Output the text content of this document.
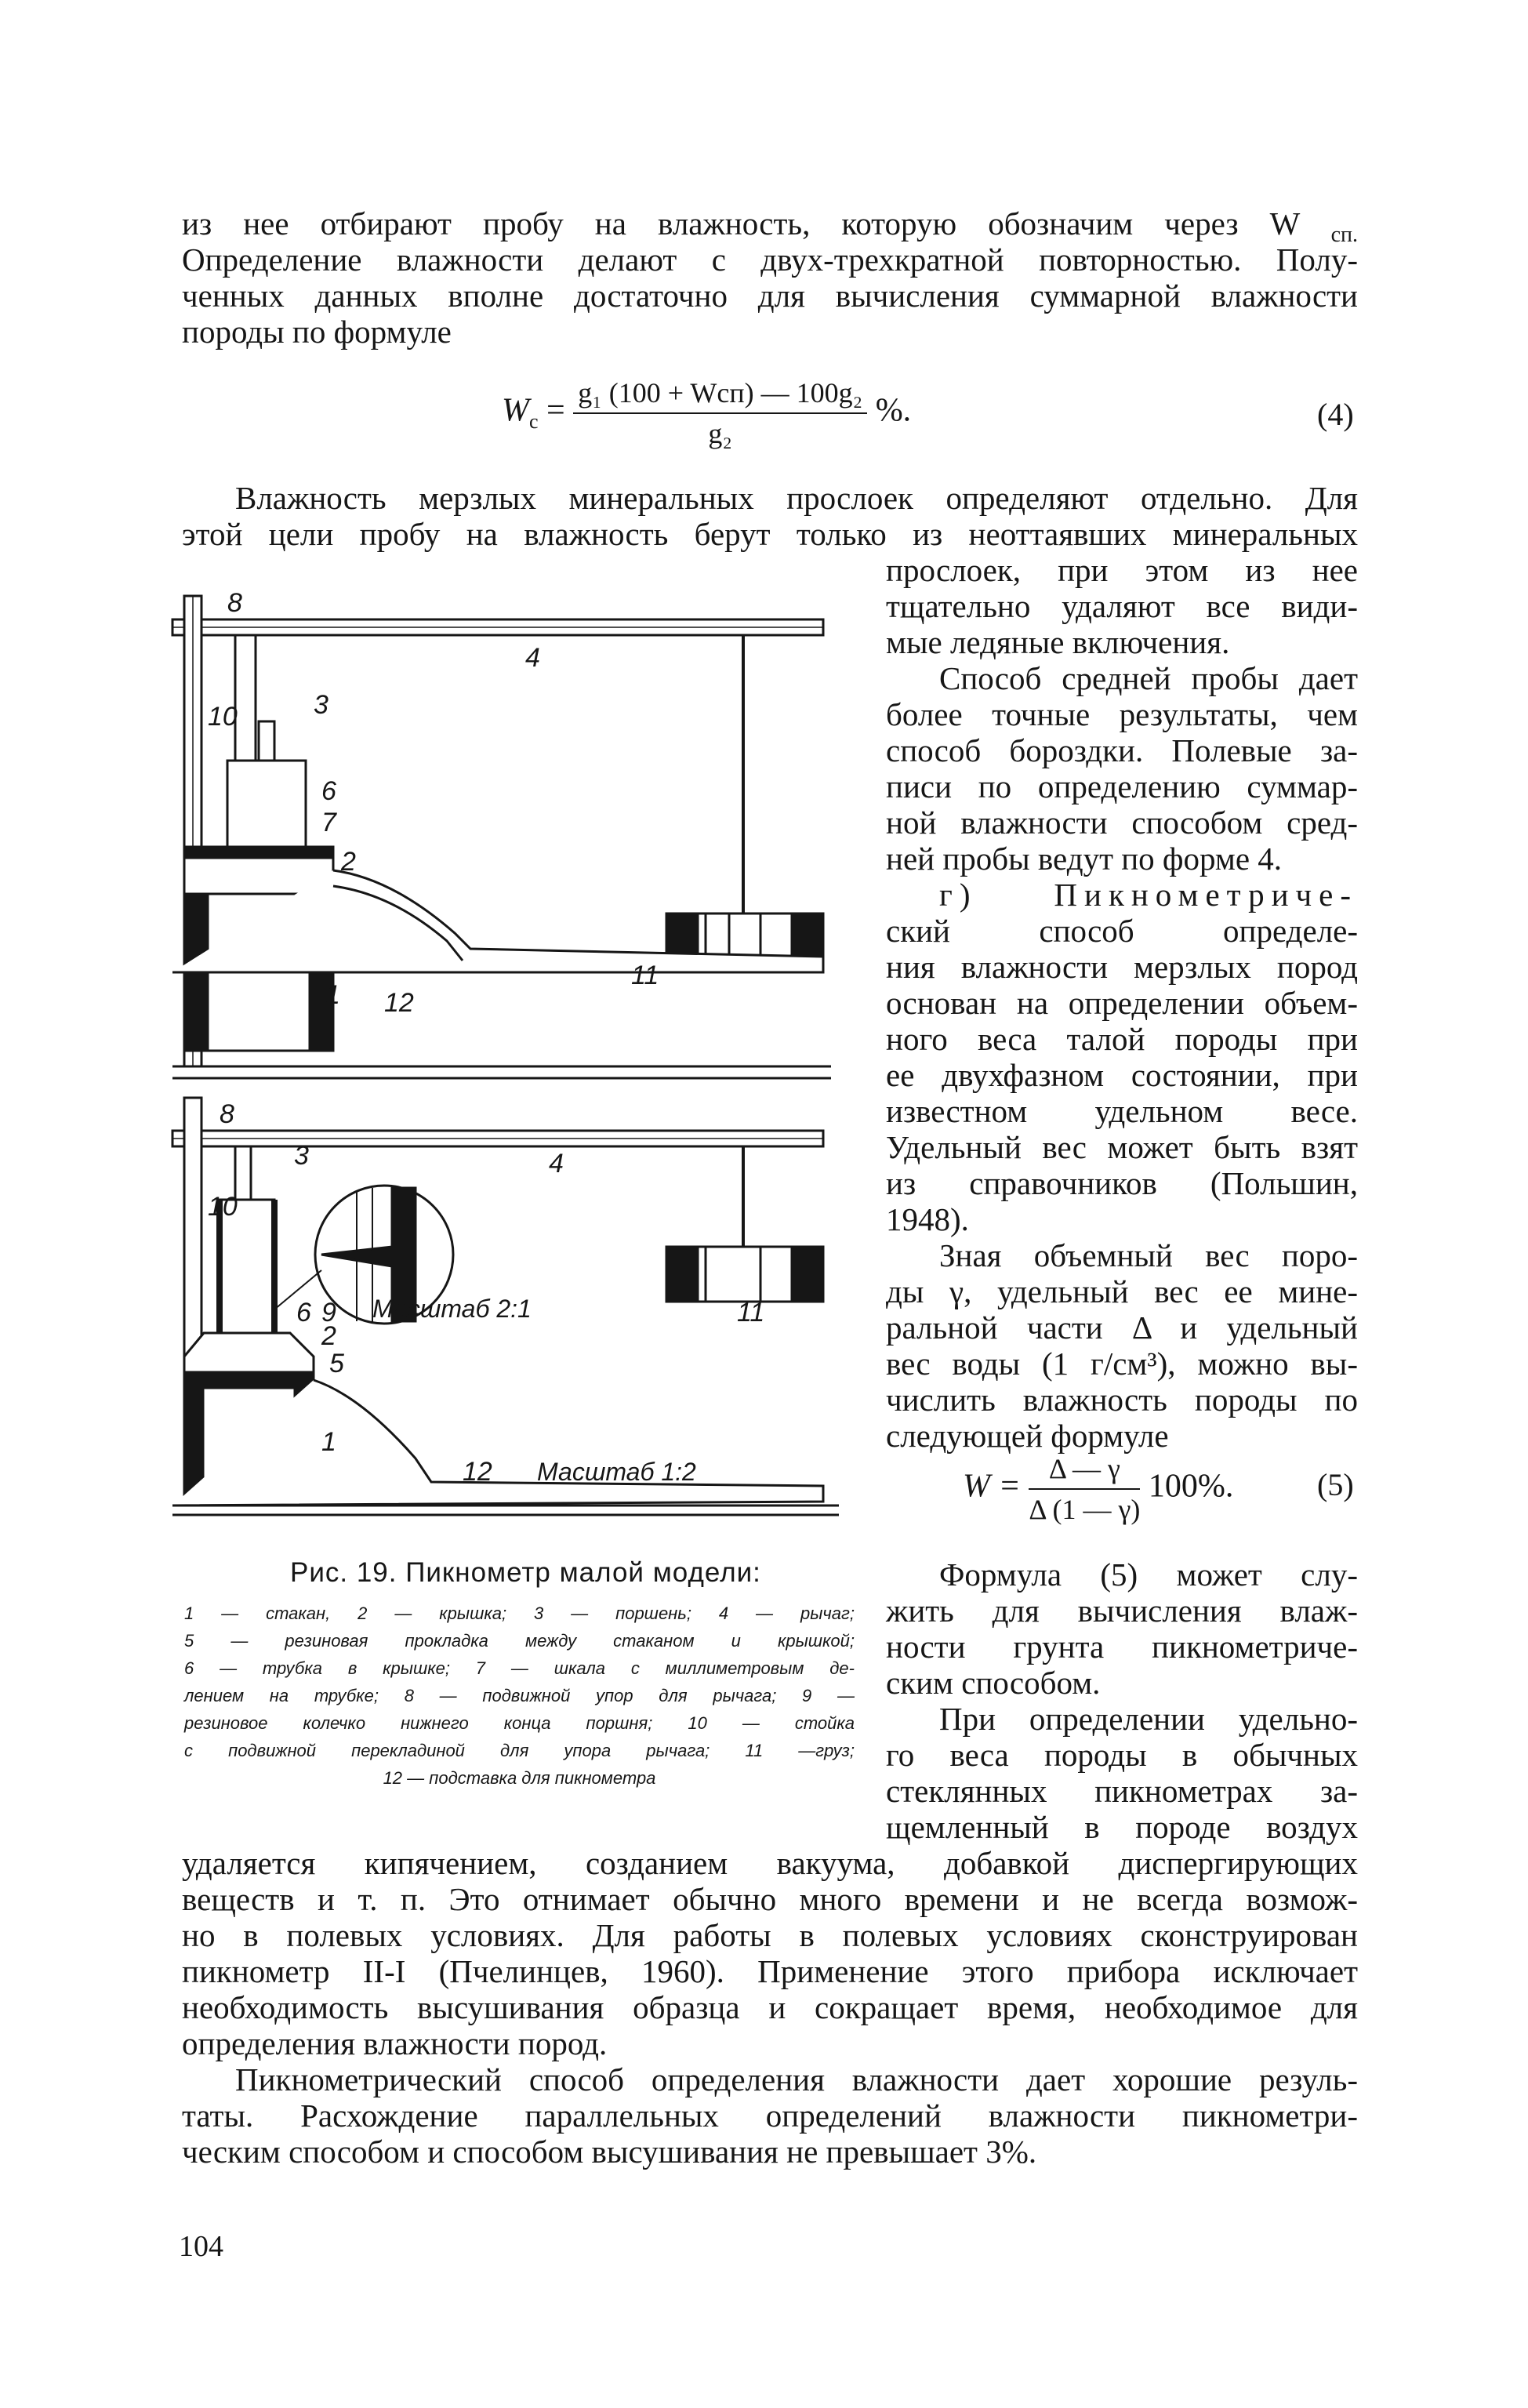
из нее отбирают пробу на влажность, которую обозначим через W $_{сп.}$
Определение влажности делают с двух-трехкратной повторностью. Полу-
ченных данных вполне достаточно для вычисления суммарной влажности
породы по формуле
$W_с = \frac{\text{g₁ (100 + Wсп) — 100g₂}}{\text{g₂}}$ %.	(4)
Влажность мерзлых минеральных прослоек определяют отдельно. Для
этой цели пробу на влажность берут только из неоттаявших минеральных
прослоек, при этом из нее
тщательно удаляют все види-
мые ледяные включения.
Способ средней пробы дает
более точные результаты, чем
способ бороздки. Полевые за-
писи по определению суммар-
ной влажности способом сред-
ней пробы ведут по форме 4.
г) Пикнометриче-
ский способ определе-
ния влажности мерзлых пород
основан на определении объем-
ного веса талой породы при
ее двухфазном состоянии, при
известном удельном весе.
Удельный вес может быть взят
из справочников (Польшин,
1948).
Зная объемный вес поро-
ды γ, удельный вес ее мине-
ральной части Δ и удельный
вес воды (1 г/см³), можно вы-
числить влажность породы по
следующей формуле
$W = \frac{\Delta — \gamma}{\Delta (1 — \gamma)} 100\%$.	(5)
Формула (5) может слу-
жить для вычисления влаж-
ности грунта пикнометриче-
ским способом.
При определении удельно-
го веса породы в обычных
стеклянных пикнометрах за-
щемленный в породе воздух
удаляется кипячением, созданием вакуума, добавкой диспергирующих
веществ и т. п. Это отнимает обычно много времени и не всегда возмож-
но в полевых условиях. Для работы в полевых условиях сконструирован
пикнометр II-I (Пчелинцев, 1960). Применение этого прибора исключает
необходимость высушивания образца и сокращает время, необходимое для
определения влажности пород.
Пикнометрический способ определения влажности дает хорошие резуль-
таты. Расхождение параллельных определений влажности пикнометри-
ческим способом и способом высушивания не превышает 3%.
104
8
4
3
10
6
7
2
11
1 12
8
3	4
10
9
6
2
5
1
11
12
Масштаб 2:1
Масштаб 1:2
Рис. 19. Пикнометр малой модели:
1 — стакан, 2 — крышка; 3 — поршень; 4 — рычаг;
5 — резиновая прокладка между стаканом и крышкой;
6 — трубка в крышке; 7 — шкала с миллиметровым де-
лением на трубке; 8 — подвижной упор для рычага; 9 —
резиновое колечко нижнего конца поршня; 10 — стойка
с подвижной перекладиной для упора рычага; 11 —груз;
12 — подставка для пикнометра
